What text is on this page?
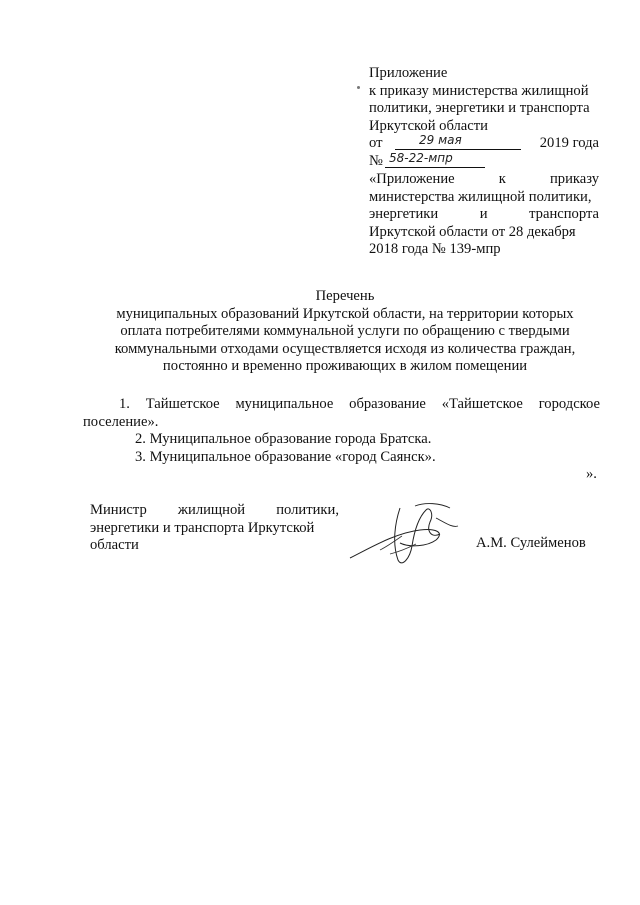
Приложение
к приказу министерства жилищной
политики, энергетики и транспорта
Иркутской области
от	29 мая	2019 года
№ 58-22-мпр
«Приложение	к	приказу
министерства жилищной политики,
энергетики	и	транспорта
Иркутской области от 28 декабря
2018 года № 139-мпр
Перечень
муниципальных образований Иркутской области, на территории которых
оплата потребителями коммунальной услуги по обращению с твердыми
коммунальными отходами осуществляется исходя из количества граждан,
постоянно и временно проживающих в жилом помещении
1. Тайшетское муниципальное образование «Тайшетское городское поселение».
2. Муниципальное образование города Братска.
3. Муниципальное образование «город Саянск».
».
Министр жилищной политики,
энергетики и транспорта Иркутской
области	А.М. Сулейменов
